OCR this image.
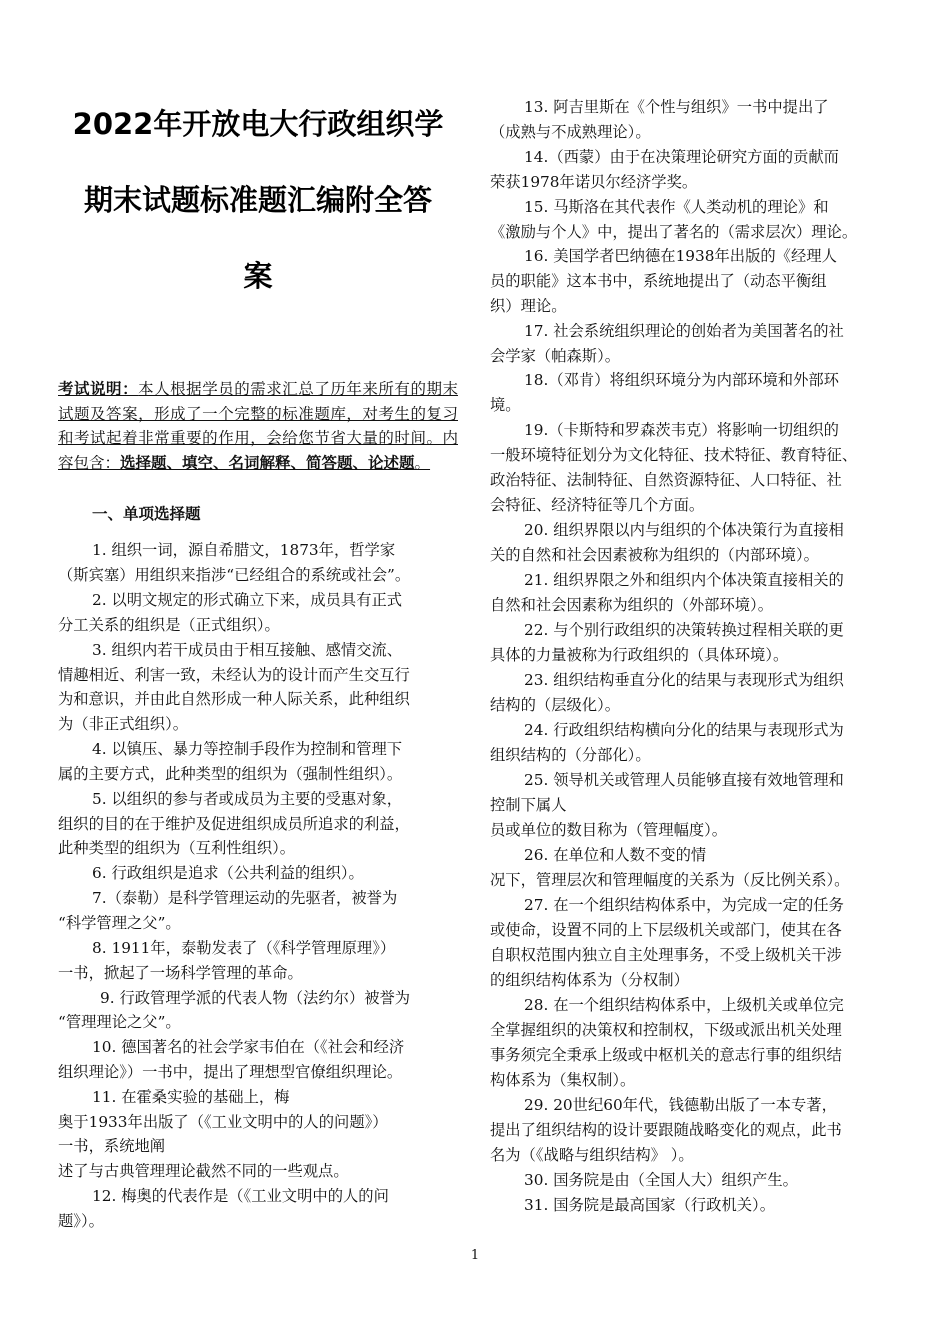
2022年开放电大行政组织学
期末试题标准题汇编附全答
案
考试说明：本人根据学员的需求汇总了历年来所有的期末试题及答案，形成了一个完整的标准题库，对考生的复习和考试起着非常重要的作用，会给您节省大量的时间。内容包含：选择题、填空、名词解释、简答题、论述题。
一、单项选择题
1. 组织一词，源自希腊文，1873年，哲学家
（斯宾塞）用组织来指涉“已经组合的系统或社会”。
2. 以明文规定的形式确立下来，成员具有正式
分工关系的组织是（正式组织）。
3. 组织内若干成员由于相互接触、感情交流、
情趣相近、利害一致，未经认为的设计而产生交互行
为和意识，并由此自然形成一种人际关系，此种组织
为（非正式组织）。
4. 以镇压、暴力等控制手段作为控制和管理下
属的主要方式，此种类型的组织为（强制性组织）。
5. 以组织的参与者或成员为主要的受惠对象，
组织的目的在于维护及促进组织成员所追求的利益，
此种类型的组织为（互利性组织）。
6. 行政组织是追求（公共利益的组织）。
7.（泰勒）是科学管理运动的先驱者，被誉为
“科学管理之父”。
8. 1911年，泰勒发表了（《科学管理原理》）
一书，掀起了一场科学管理的革命。
9. 行政管理学派的代表人物（法约尔）被誉为
“管理理论之父”。
10. 德国著名的社会学家韦伯在（《社会和经济
组织理论》）一书中，提出了理想型官僚组织理论。
11. 在霍桑实验的基础上，梅
奥于1933年出版了（《工业文明中的人的问题》）
一书，系统地阐
述了与古典管理理论截然不同的一些观点。
12. 梅奥的代表作是（《工业文明中的人的问
题》）。
13. 阿吉里斯在《个性与组织》一书中提出了
（成熟与不成熟理论）。
14.（西蒙）由于在决策理论研究方面的贡献而
荣获1978年诺贝尔经济学奖。
15. 马斯洛在其代表作《人类动机的理论》和
《激励与个人》中，提出了著名的（需求层次）理论。
16. 美国学者巴纳德在1938年出版的《经理人
员的职能》这本书中，系统地提出了（动态平衡组
织）理论。
17. 社会系统组织理论的创始者为美国著名的社
会学家（帕森斯）。
18.（邓肯）将组织环境分为内部环境和外部环
境。
19.（卡斯特和罗森茨韦克）将影响一切组织的
一般环境特征划分为文化特征、技术特征、教育特征、
政治特征、法制特征、自然资源特征、人口特征、社
会特征、经济特征等几个方面。
20. 组织界限以内与组织的个体决策行为直接相
关的自然和社会因素被称为组织的（内部环境）。
21. 组织界限之外和组织内个体决策直接相关的
自然和社会因素称为组织的（外部环境）。
22. 与个别行政组织的决策转换过程相关联的更
具体的力量被称为行政组织的（具体环境）。
23. 组织结构垂直分化的结果与表现形式为组织
结构的（层级化）。
24. 行政组织结构横向分化的结果与表现形式为
组织结构的（分部化）。
25. 领导机关或管理人员能够直接有效地管理和
控制下属人
员或单位的数目称为（管理幅度）。
26. 在单位和人数不变的情
况下，管理层次和管理幅度的关系为（反比例关系）。
27. 在一个组织结构体系中，为完成一定的任务
或使命，设置不同的上下层级机关或部门，使其在各
自职权范围内独立自主处理事务，不受上级机关干涉
的组织结构体系为（分权制）
28. 在一个组织结构体系中，上级机关或单位完
全掌握组织的决策权和控制权，下级或派出机关处理
事务须完全秉承上级或中枢机关的意志行事的组织结
构体系为（集权制）。
29. 20世纪60年代，钱德勒出版了一本专著，
提出了组织结构的设计要跟随战略变化的观点，此书
名为（《战略与组织结构》 ）。
30. 国务院是由（全国人大）组织产生。
31. 国务院是最高国家（行政机关）。
1
